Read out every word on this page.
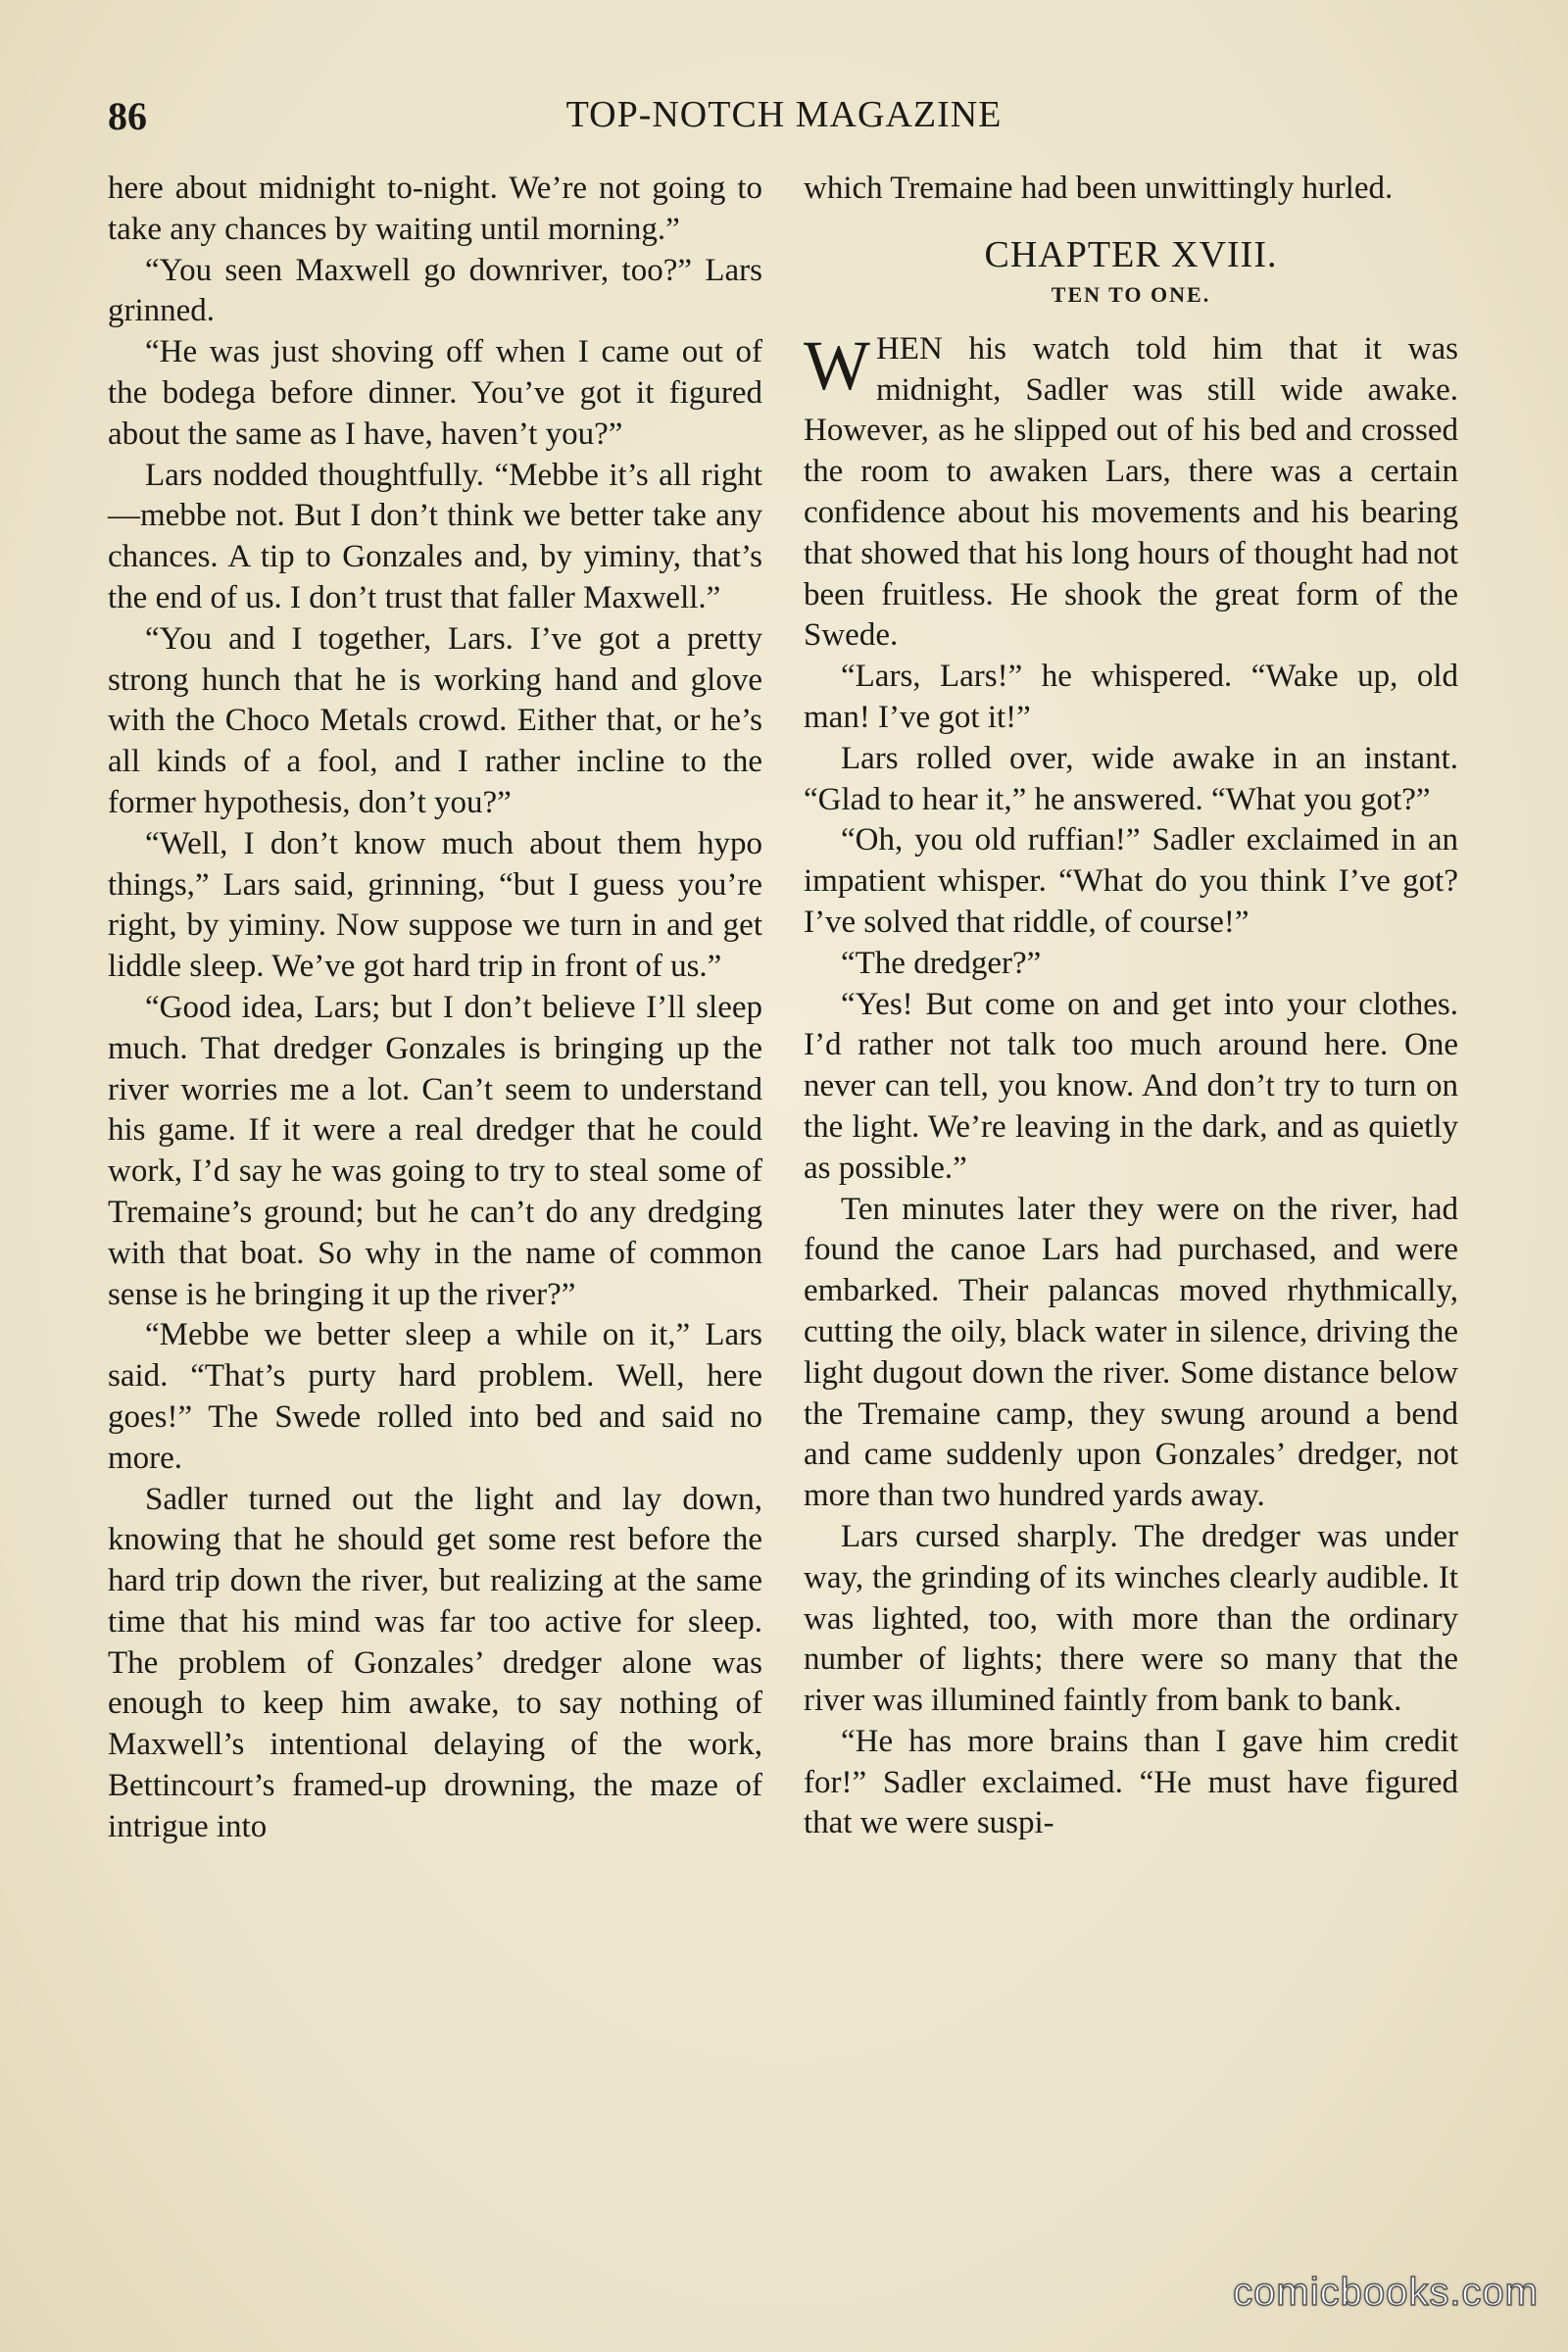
86	TOP-NOTCH MAGAZINE

here about midnight to-night. We’re not going to take any chances by waiting until morning.”

“You seen Maxwell go downriver, too?” Lars grinned.

“He was just shoving off when I came out of the bodega before dinner. You’ve got it figured about the same as I have, haven’t you?”

Lars nodded thoughtfully. “Mebbe it’s all right—mebbe not. But I don’t think we better take any chances. A tip to Gonzales and, by yiminy, that’s the end of us. I don’t trust that faller Maxwell.”

“You and I together, Lars. I’ve got a pretty strong hunch that he is working hand and glove with the Choco Metals crowd. Either that, or he’s all kinds of a fool, and I rather incline to the former hypothesis, don’t you?”

“Well, I don’t know much about them hypo things,” Lars said, grinning, “but I guess you’re right, by yiminy. Now suppose we turn in and get liddle sleep. We’ve got hard trip in front of us.”

“Good idea, Lars; but I don’t believe I’ll sleep much. That dredger Gonzales is bringing up the river worries me a lot. Can’t seem to understand his game. If it were a real dredger that he could work, I’d say he was going to try to steal some of Tremaine’s ground; but he can’t do any dredging with that boat. So why in the name of common sense is he bringing it up the river?”

“Mebbe we better sleep a while on it,” Lars said. “That’s purty hard problem. Well, here goes!” The Swede rolled into bed and said no more.

Sadler turned out the light and lay down, knowing that he should get some rest before the hard trip down the river, but realizing at the same time that his mind was far too active for sleep. The problem of Gonzales’ dredger alone was enough to keep him awake, to say nothing of Maxwell’s intentional delaying of the work, Bettincourt’s framed-up drowning, the maze of intrigue into

which Tremaine had been unwittingly hurled.

CHAPTER XVIII.
TEN TO ONE.

WHEN his watch told him that it was midnight, Sadler was still wide awake. However, as he slipped out of his bed and crossed the room to awaken Lars, there was a certain confidence about his movements and his bearing that showed that his long hours of thought had not been fruitless. He shook the great form of the Swede.

“Lars, Lars!” he whispered. “Wake up, old man! I’ve got it!”

Lars rolled over, wide awake in an instant. “Glad to hear it,” he answered. “What you got?”

“Oh, you old ruffian!” Sadler exclaimed in an impatient whisper. “What do you think I’ve got? I’ve solved that riddle, of course!”

“The dredger?”

“Yes! But come on and get into your clothes. I’d rather not talk too much around here. One never can tell, you know. And don’t try to turn on the light. We’re leaving in the dark, and as quietly as possible.”

Ten minutes later they were on the river, had found the canoe Lars had purchased, and were embarked. Their palancas moved rhythmically, cutting the oily, black water in silence, driving the light dugout down the river. Some distance below the Tremaine camp, they swung around a bend and came suddenly upon Gonzales’ dredger, not more than two hundred yards away.

Lars cursed sharply. The dredger was under way, the grinding of its winches clearly audible. It was lighted, too, with more than the ordinary number of lights; there were so many that the river was illumined faintly from bank to bank.

“He has more brains than I gave him credit for!” Sadler exclaimed. “He must have figured that we were suspi-

comicbooks.com
